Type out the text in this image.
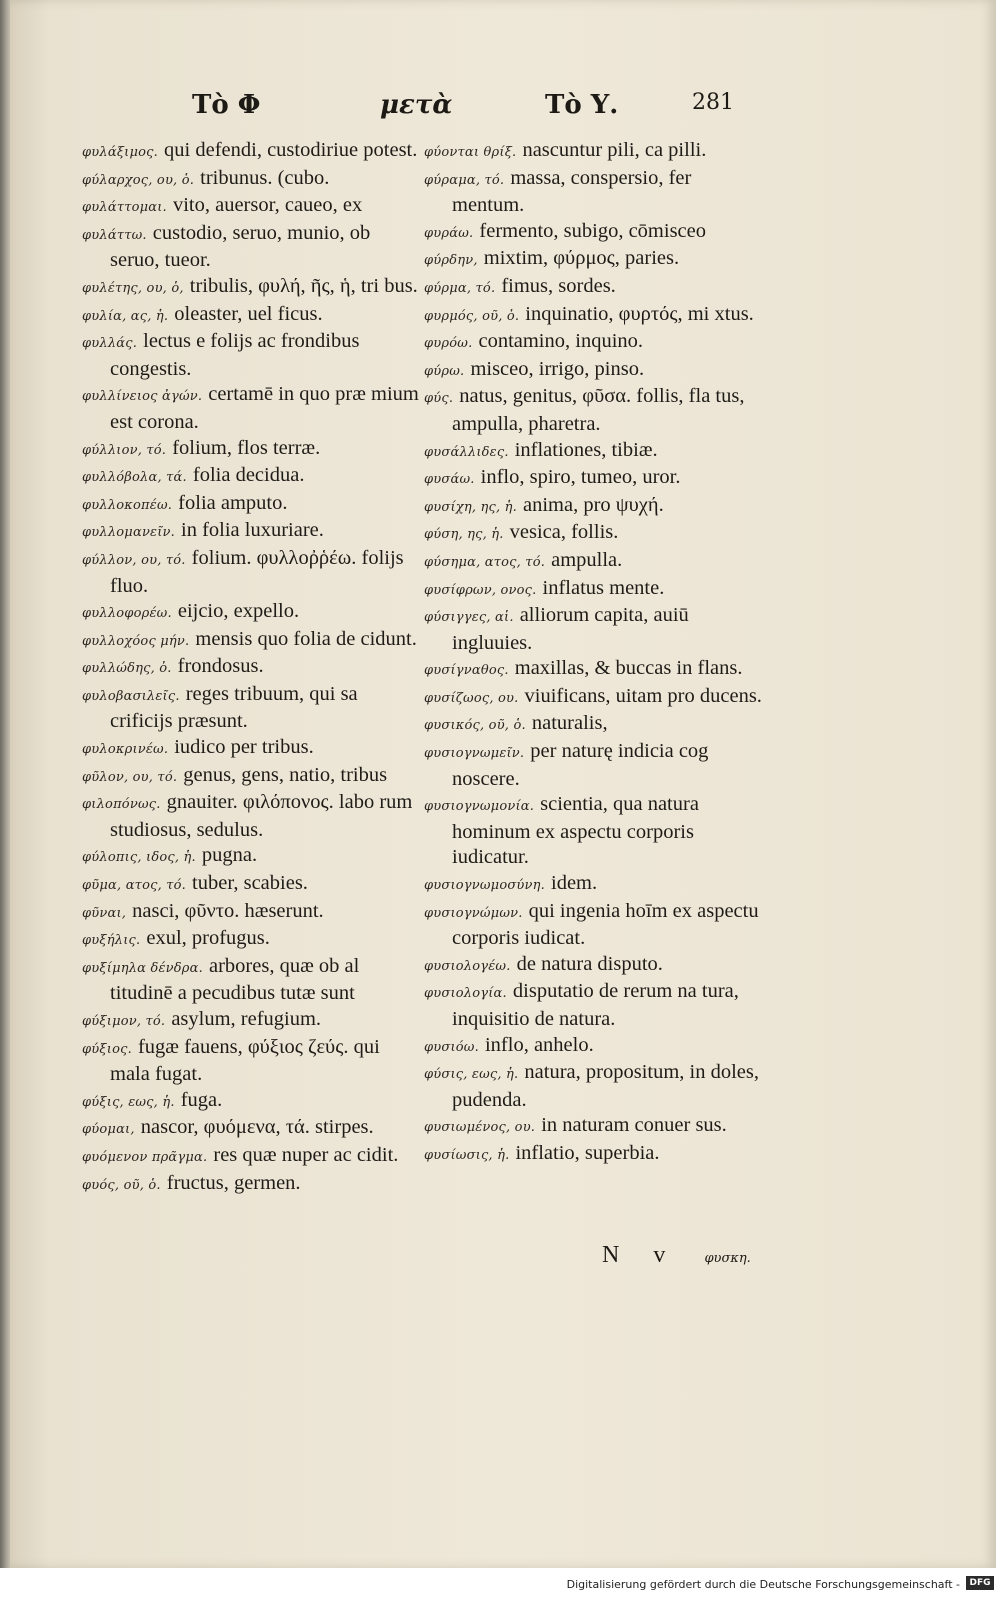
Τὸ Φ	μετὰ	Τὸ Υ.	281
φυλάξιμος. qui defendi, custodiriue potest.
φύλαρχος, ου, ὁ. tribunus. (cubo.
φυλάττομαι. vito, auersor, caueo, ex
φυλάττω. custodio, seruo, munio, ob seruo, tueor.
φυλέτης, ου, ὁ, tribulis, φυλή, ῆς, ἡ, tri bus.
φυλία, ας, ἡ. oleaster, uel ficus.
φυλλάς. lectus e folijs ac frondibus congestis.
φυλλίνειος ἀγών. certamē in quo præ mium est corona.
φύλλιον, τό. folium, flos terræ.
φυλλόβολα, τά. folia decidua.
φυλλοκοπέω. folia amputo.
φυλλομανεῖν. in folia luxuriare.
φύλλον, ου, τό. folium. φυλλοῤῥέω. folijs fluo.
φυλλοφορέω. eijcio, expello.
φυλλοχόος μήν. mensis quo folia de cidunt.
φυλλώδης, ὁ. frondosus.
φυλοβασιλεῖς. reges tribuum, qui sa crificijs præsunt.
φυλοκρινέω. iudico per tribus.
φῦλον, ου, τό. genus, gens, natio, tribus
φιλοπόνως. gnauiter. φιλόπονος. labo rum studiosus, sedulus.
φύλοπις, ιδος, ἡ. pugna.
φῦμα, ατος, τό. tuber, scabies.
φῦναι, nasci, φῦντο. hæserunt.
φυξήλις. exul, profugus.
φυξίμηλα δένδρα. arbores, quæ ob al titudinē a pecudibus tutæ sunt
φύξιμον, τό. asylum, refugium.
φύξιος. fugæ fauens, φύξιος ζεύς. qui mala fugat.
φύξις, εως, ἡ. fuga.
φύομαι, nascor, φυόμενα, τά. stirpes.
φυόμενον πρᾶγμα. res quæ nuper ac cidit.
φυός, οῦ, ὁ. fructus, germen.
φύονται θρίξ. nascuntur pili, ca pilli.
φύραμα, τό. massa, conspersio, fer mentum.
φυράω. fermento, subigo, cōmisceo
φύρδην, mixtim, φύρμος, paries.
φύρμα, τό. fimus, sordes.
φυρμός, οῦ, ὁ. inquinatio, φυρτός, mi xtus.
φυρόω. contamino, inquino.
φύρω. misceo, irrigo, pinso.
φύς. natus, genitus, φῦσα. follis, fla tus, ampulla, pharetra.
φυσάλλιδες. inflationes, tibiæ.
φυσάω. inflo, spiro, tumeo, uror.
φυσίχη, ης, ἡ. anima, pro ψυχή.
φύση, ης, ἡ. vesica, follis.
φύσημα, ατος, τό. ampulla.
φυσίφρων, ονος. inflatus mente.
φύσιγγες, αἱ. alliorum capita, auiū ingluuies.
φυσίγναθος. maxillas, & buccas in flans.
φυσίζωος, ου. viuificans, uitam pro ducens.
φυσικός, οῦ, ὁ. naturalis,
φυσιογνωμεῖν. per naturę indicia cog noscere.
φυσιογνωμονία. scientia, qua natura hominum ex aspectu corporis iudicatur.
φυσιογνωμοσύνη. idem.
φυσιογνώμων. qui ingenia hoīm ex aspectu corporis iudicat.
φυσιολογέω. de natura disputo.
φυσιολογία. disputatio de rerum na tura, inquisitio de natura.
φυσιόω. inflo, anhelo.
φύσις, εως, ἡ. natura, propositum, in doles, pudenda.
φυσιωμένος, ου. in naturam conuer sus.
φυσίωσις, ἡ. inflatio, superbia.
N v φυσκη.
Digitalisierung gefördert durch die Deutsche Forschungsgemeinschaft -	DFG
